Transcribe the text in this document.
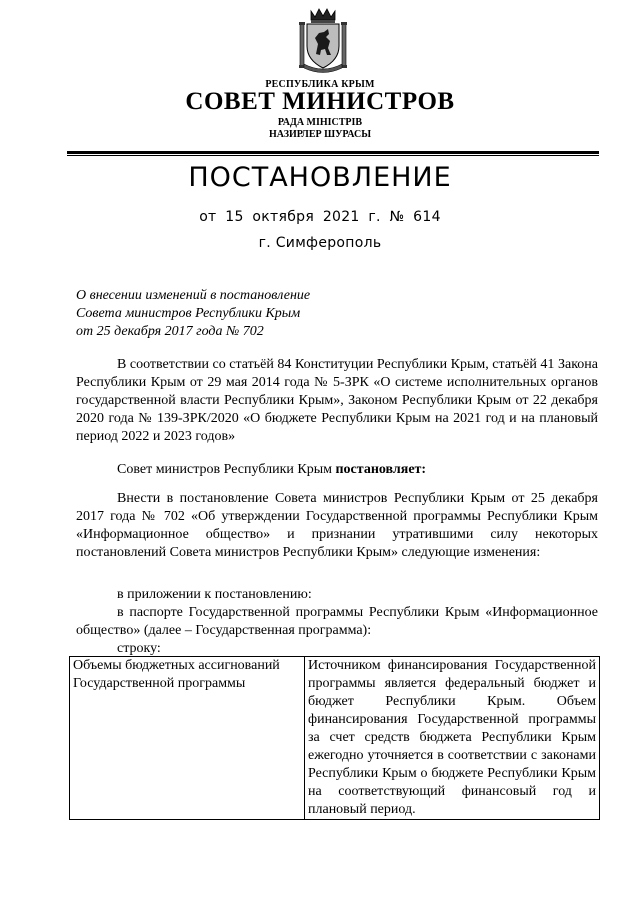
РЕСПУБЛИКА КРЫМ
СОВЕТ МИНИСТРОВ
РАДА МІНІСТРІВ
НАЗИРЛЕР ШУРАСЫ
ПОСТАНОВЛЕНИЕ
от 15 октября 2021 г. № 614
г. Симферополь
О внесении изменений в постановление
Совета министров Республики Крым
от 25 декабря 2017 года № 702

В соответствии со статьёй 84 Конституции Республики Крым, статьёй 41 Закона Республики Крым от 29 мая 2014 года № 5-ЗРК «О системе исполнительных органов государственной власти Республики Крым», Законом Республики Крым от 22 декабря 2020 года № 139-ЗРК/2020 «О бюджете Республики Крым на 2021 год и на плановый период 2022 и 2023 годов»

Совет министров Республики Крым постановляет:

Внести в постановление Совета министров Республики Крым от 25 декабря 2017 года № 702 «Об утверждении Государственной программы Республики Крым «Информационное общество» и признании утратившими силу некоторых постановлений Совета министров Республики Крым» следующие изменения:

в приложении к постановлению:

в паспорте Государственной программы Республики Крым «Информационное общество» (далее – Государственная программа):

строку:

Объемы бюджетных ассигнований Государственной программы	Источником финансирования Государственной программы является федеральный бюджет и бюджет Республики Крым. Объем финансирования Государственной программы за счет средств бюджета Республики Крым ежегодно уточняется в соответствии с законами Республики Крым о бюджете Республики Крым на соответствующий финансовый год и плановый период.
